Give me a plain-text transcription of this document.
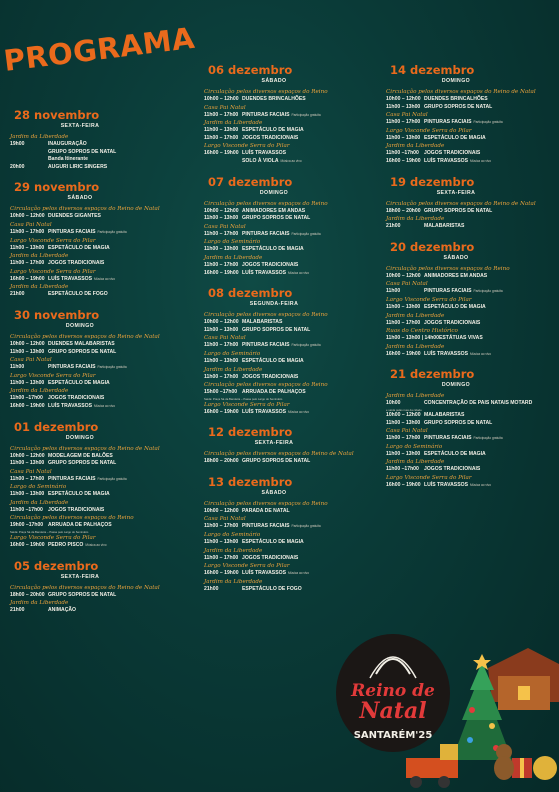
PROGRAMA
28 novembro
SEXTA-FEIRA
Jardim da Liberdade
19h00	INAUGURAÇÃO
GRUPO SOPROS DE NATAL
Banda Itinerante
20h00	AUGURI LIRIC SINGERS
29 novembro
SÁBADO
Circulação pelos diversos espaços do Reino de Natal
10h00 – 12h00 DUENDES GIGANTES
Casa Pai Natal
11h00 – 17h00 PINTURAS FACIAIS Participação gratuita
Largo Visconde Serra do Pilar
11h00 – 13h00 ESPETÁCULO DE MAGIA
Jardim da Liberdade
11h00 – 17h00 JOGOS TRADICIONAIS
Largo Visconde Serra do Pilar
16h00 – 19h00 LUÍS TRAVASSOS Música ao vivo
Jardim da Liberdade
21h00	ESPETÁCULO DE FOGO
30 novembro
DOMINGO
Circulação pelos diversos espaços do Reino de Natal
10h00 – 12h00 DUENDES MALABARISTAS
11h00 – 13h00 GRUPO SOPROS DE NATAL
Casa Pai Natal
11h00	PINTURAS FACIAIS Participação gratuita
Largo Visconde Serra do Pilar
11h00 – 13h00 ESPETÁCULO DE MAGIA
Jardim da Liberdade
11h00 –17h00 JOGOS TRADICIONAIS
16h00 – 19h00 LUÍS TRAVASSOS Música ao vivo
01 dezembro
DOMINGO
Circulação pelos diversos espaços do Reino de Natal
10h00 – 12h00 MODELAGEM DE BALÕES
11h00 – 13h00 GRUPO SOPROS DE NATAL
Casa Pai Natal
11h00 – 17h00 PINTURAS FACIAIS Participação gratuita
Largo do Seminário
11h00 – 13h00 ESPETÁCULO DE MAGIA
Jardim da Liberdade
11h00 –17h00 JOGOS TRADICIONAIS
Circulação pelos diversos espaços do Reino
19h00 –17h00 ARRUADA DE PALHAÇOS
Saída: Praça Sá da Bandeira – Passa pelo Largo do Seminário
Largo Visconde Serra do Pilar
16h00 – 19h00 PEDRO PISCO Música ao vivo
05 dezembro
SEXTA-FEIRA
Circulação pelos diversos espaços do Reino de Natal
18h00 – 20h00 GRUPO SOPROS DE NATAL
Jardim da Liberdade
21h00	ANIMAÇÃO
06 dezembro
SÁBADO
Circulação pelos diversos espaços do Reino
10h00 – 12h00 DUENDES BRINCALHÕES
Casa Pai Natal
11h00 – 17h00 PINTURAS FACIAIS Participação gratuita
Jardim da Liberdade
11h00 – 13h00 ESPETÁCULO DE MAGIA
11h00 – 17h00 JOGOS TRADICIONAIS
Largo Visconde Serra do Pilar
16h00 – 19h00 LUÍS TRAVASSOS
SOLO À VIOLA Música ao vivo
07 dezembro
DOMINGO
Circulação pelos diversos espaços do Reino
10h00 – 12h00 ANIMADORES EM ANDAS
11h00 – 13h00 GRUPO SOPROS DE NATAL
Casa Pai Natal
11h00 – 17h00 PINTURAS FACIAIS Participação gratuita
Largo do Seminário
11h00 – 13h00 ESPETÁCULO DE MAGIA
Jardim da Liberdade
11h00 – 17h00 JOGOS TRADICIONAIS
16h00 – 19h00 LUÍS TRAVASSOS Música ao vivo
08 dezembro
SEGUNDA-FEIRA
Circulação pelos diversos espaços do Reino
10h00 – 12h00 MALABARISTAS
11h00 – 13h00 GRUPO SOPROS DE NATAL
Casa Pai Natal
11h00 – 17h00 PINTURAS FACIAIS Participação gratuita
Largo do Seminário
11h00 – 13h00 ESPETÁCULO DE MAGIA
Jardim da Liberdade
11h00 – 17h00 JOGOS TRADICIONAIS
Circulação pelos diversos espaços do Reino
15h00 –17h00 ARRUADA DE PALHAÇOS
Saída: Praça Sá da Bandeira – Passa pelo Largo do Seminário
Largo Visconde Serra do Pilar
16h00 – 19h00 LUÍS TRAVASSOS Música ao vivo
12 dezembro
SEXTA-FEIRA
Circulação pelos diversos espaços do Reino de Natal
18h00 – 20h00 GRUPO SOPROS DE NATAL
13 dezembro
SÁBADO
Circulação pelos diversos espaços do Reino
10h00 – 12h00 PARADA DE NATAL
Casa Pai Natal
11h00 – 17h00 PINTURAS FACIAIS Participação gratuita
Largo do Seminário
11h00 – 13h00 ESPETÁCULO DE MAGIA
Jardim da Liberdade
11h00 – 17h00 JOGOS TRADICIONAIS
Largo Visconde Serra do Pilar
16h00 – 19h00 LUÍS TRAVASSOS Música ao vivo
Jardim da Liberdade
21h00	ESPETÁCULO DE FOGO
14 dezembro
DOMINGO
Circulação pelos diversos espaços do Reino de Natal
10h00 – 12h00 DUENDES BRINCALHÕES
11h00 – 13h00 GRUPO SOPROS DE NATAL
Casa Pai Natal
11h00 – 17h00 PINTURAS FACIAIS Participação gratuita
Largo Visconde Serra do Pilar
11h00 – 13h00 ESPETÁCULO DE MAGIA
Jardim da Liberdade
11h00 –17h00 JOGOS TRADICIONAIS
16h00 – 19h00 LUÍS TRAVASSOS Música ao vivo
19 dezembro
SEXTA-FEIRA
Circulação pelos diversos espaços do Reino de Natal
18h00 – 20h00 GRUPO SOPROS DE NATAL
Jardim da Liberdade
21h00	MALABARISTAS
20 dezembro
SÁBADO
Circulação pelos diversos espaços do Reino
10h00 – 12h00 ANIMADORES EM ANDAS
Casa Pai Natal
11h00	PINTURAS FACIAIS Participação gratuita
Largo Visconde Serra do Pilar
11h00 – 13h00 ESPETÁCULO DE MAGIA
Jardim da Liberdade
11h00 – 17h00 JOGOS TRADICIONAIS
Ruas do Centro Histórico
11h00 – 13h00 | 14h00ESTÁTUAS VIVAS
Jardim da Liberdade
16h00 – 19h00 LUÍS TRAVASSOS Música ao vivo
21 dezembro
DOMINGO
Jardim da Liberdade
10h00	CONCENTRAÇÃO DE PAIS NATAIS MOTARD
e saída pelas ruas da cidade
10h00 – 12h00 MALABARISTAS
11h00 – 13h00 GRUPO SOPROS DE NATAL
Casa Pai Natal
11h00 – 17h00 PINTURAS FACIAIS Participação gratuita
Largo do Seminário
11h00 – 13h00 ESPETÁCULO DE MAGIA
Jardim da Liberdade
11h00 –17h00 JOGOS TRADICIONAIS
Largo Visconde Serra do Pilar
16h00 – 19h00 LUÍS TRAVASSOS Música ao vivo
Reino de
Natal
SANTARÉM'25
